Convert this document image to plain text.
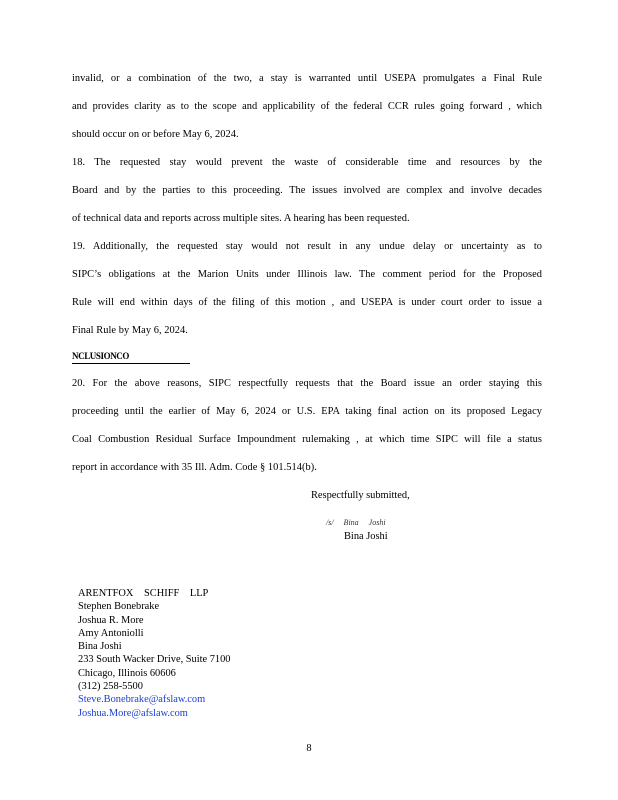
invalid, or a combination of the two, a stay is warranted until USEPA promulgates a Final Rule
and provides clarity as to the scope and applicability of the federal CCR rules going forward , which
should occur on or before May 6, 2024.
18. The requested stay would prevent the waste of considerable time and resources by the
Board and by the parties to this proceeding. The issues involved are complex and involve decades
of technical data and reports across multiple sites. A hearing has been requested.
19. Additionally, the requested stay would not result in any undue delay or uncertainty as to
SIPC’s obligations at the Marion Units under Illinois law. The comment period for the Proposed
Rule will end within days of the filing of this motion , and USEPA is under court order to issue a
Final Rule by May 6, 2024.
NCLUSIONCO
20. For the above reasons, SIPC respectfully requests that the Board issue an order staying this
proceeding until the earlier of May 6, 2024 or U.S. EPA taking final action on its proposed Legacy
Coal Combustion Residual Surface Impoundment rulemaking , at which time SIPC will file a status
report in accordance with 35 Ill. Adm. Code § 101.514(b).
Respectfully submitted,
/s/ Bina Joshi
Bina Joshi
ARENTFOX SCHIFF LLP
Stephen Bonebrake
Joshua R. More
Amy Antoniolli
Bina Joshi
233 South Wacker Drive, Suite 7100
Chicago, Illinois 60606
(312) 258-5500
Steve.Bonebrake@afslaw.com
Joshua.More@afslaw.com
8
